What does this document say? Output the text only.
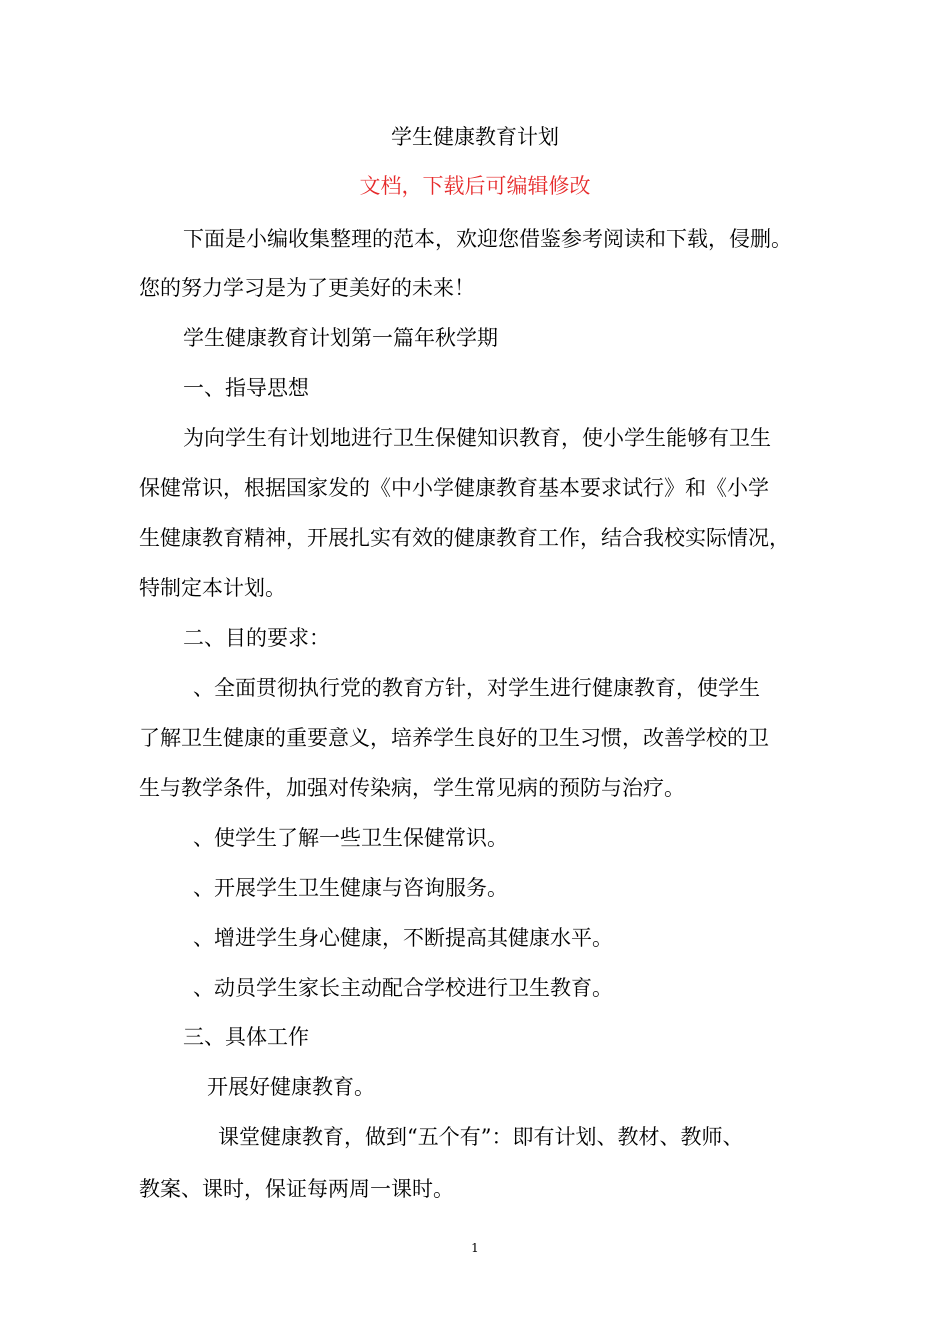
学生健康教育计划
文档，下载后可编辑修改
下面是小编收集整理的范本，欢迎您借鉴参考阅读和下载，侵删。
您的努力学习是为了更美好的未来！
学生健康教育计划第一篇年秋学期
一、指导思想
为向学生有计划地进行卫生保健知识教育，使小学生能够有卫生
保健常识，根据国家发的《中小学健康教育基本要求试行》和《小学
生健康教育精神，开展扎实有效的健康教育工作，结合我校实际情况，
特制定本计划。
二、目的要求：
、全面贯彻执行党的教育方针，对学生进行健康教育，使学生
了解卫生健康的重要意义，培养学生良好的卫生习惯，改善学校的卫
生与教学条件，加强对传染病，学生常见病的预防与治疗。
、使学生了解一些卫生保健常识。
、开展学生卫生健康与咨询服务。
、增进学生身心健康，不断提高其健康水平。
、动员学生家长主动配合学校进行卫生教育。
三、具体工作
开展好健康教育。
课堂健康教育，做到“五个有”：即有计划、教材、教师、
教案、课时，保证每两周一课时。
1
